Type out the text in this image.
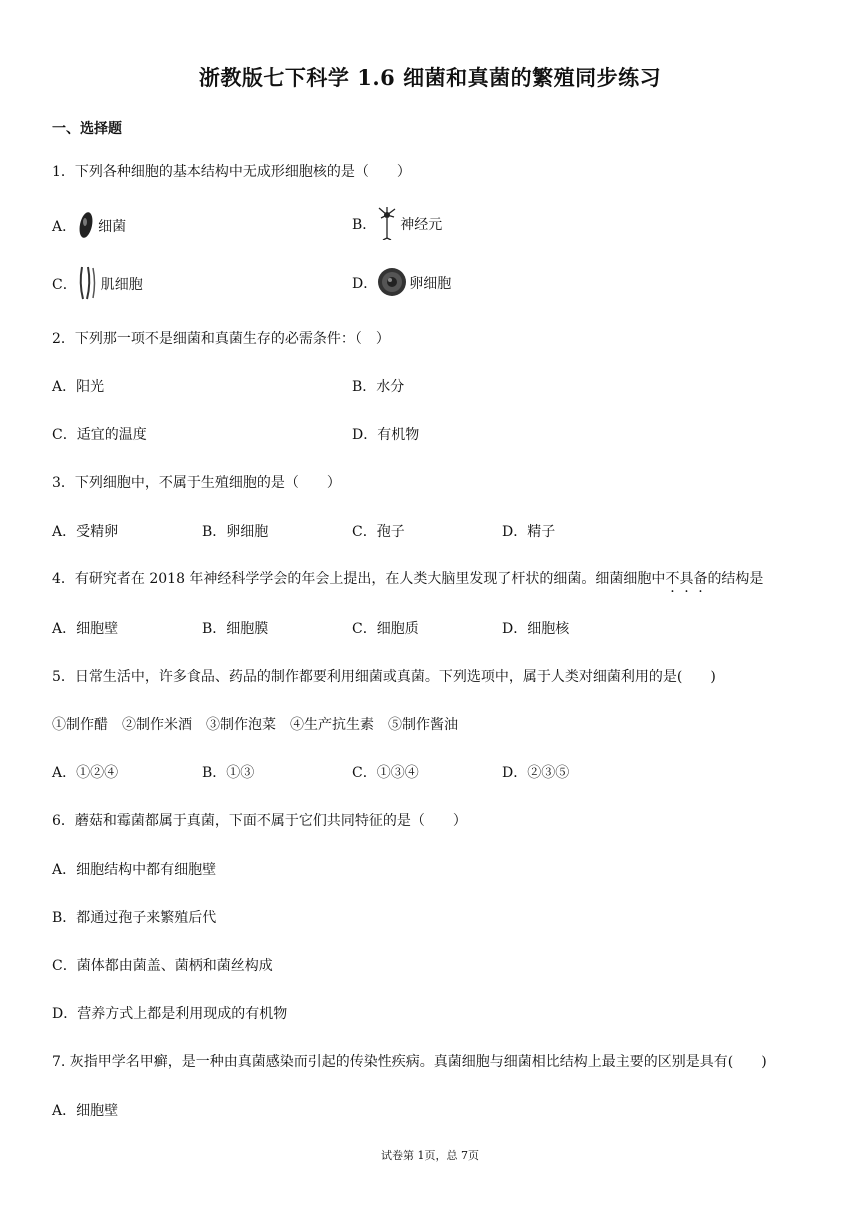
浙教版七下科学 1.6 细菌和真菌的繁殖同步练习
一、选择题
1．下列各种细胞的基本结构中无成形细胞核的是（　　）
A． 细菌	B． 神经元
C． 肌细胞	D． 卵细胞
2．下列那一项不是细菌和真菌生存的必需条件：（　）
A．阳光	B．水分
C．适宜的温度	D．有机物
3．下列细胞中，不属于生殖细胞的是（　　）
A．受精卵	B．卵细胞	C．孢子	D．精子
4．有研究者在 2018 年神经科学学会的年会上提出，在人类大脑里发现了杆状的细菌。细菌细胞中不具备的结构是
A．细胞壁	B．细胞膜	C．细胞质	D．细胞核
5．日常生活中，许多食品、药品的制作都要利用细菌或真菌。下列选项中，属于人类对细菌利用的是(　　)
①制作醋　②制作米酒　③制作泡菜　④生产抗生素　⑤制作酱油
A．①②④	B．①③	C．①③④	D．②③⑤
6．蘑菇和霉菌都属于真菌，下面不属于它们共同特征的是（　　）
A．细胞结构中都有细胞壁
B．都通过孢子来繁殖后代
C．菌体都由菌盖、菌柄和菌丝构成
D．营养方式上都是利用现成的有机物
7. 灰指甲学名甲癣，是一种由真菌感染而引起的传染性疾病。真菌细胞与细菌相比结构上最主要的区别是具有(　　)
A．细胞壁
试卷第 1页，总 7页
